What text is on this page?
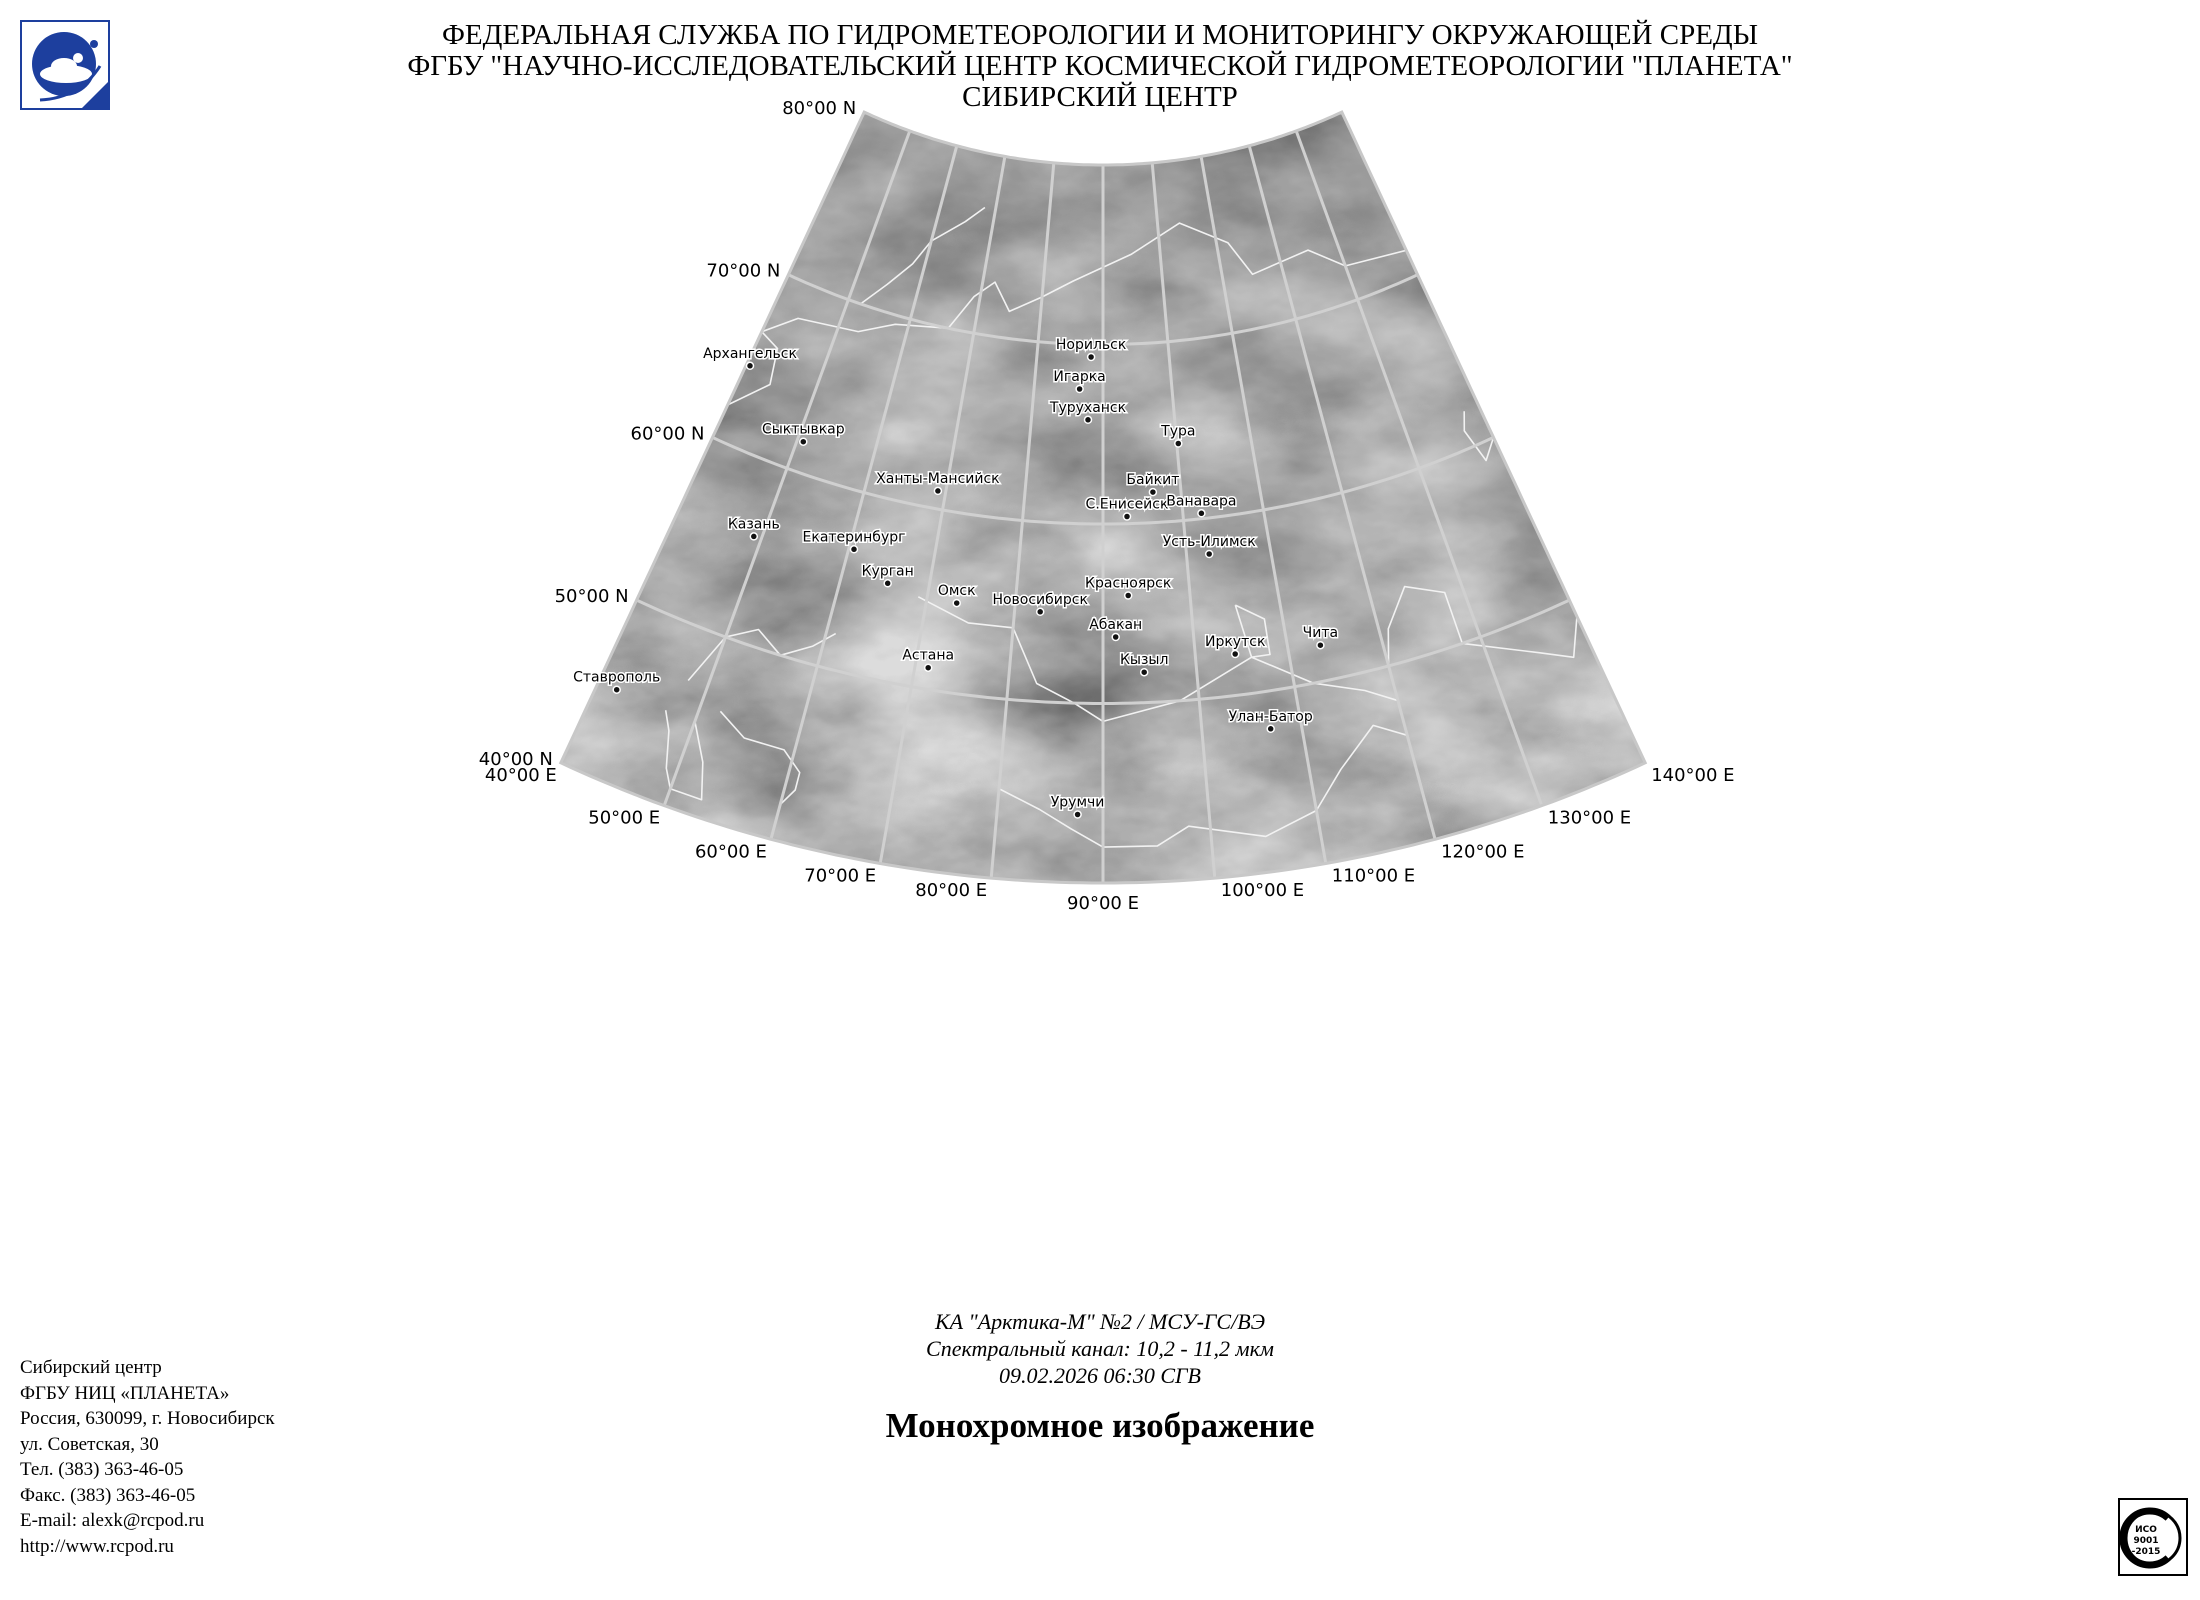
ФЕДЕРАЛЬНАЯ СЛУЖБА ПО ГИДРОМЕТЕОРОЛОГИИ И МОНИТОРИНГУ ОКРУЖАЮЩЕЙ СРЕДЫ
ФГБУ "НАУЧНО-ИССЛЕДОВАТЕЛЬСКИЙ ЦЕНТР КОСМИЧЕСКОЙ ГИДРОМЕТЕОРОЛОГИИ "ПЛАНЕТА"
СИБИРСКИЙ ЦЕНТР
80°00 N
70°00 N
60°00 N
50°00 N
40°00 N
40°00 E
50°00 E
60°00 E
70°00 E
80°00 E
90°00 E
100°00 E
110°00 E
120°00 E
130°00 E
140°00 E
Архангельск
Сыктывкар
Казань
Ставрополь
Екатеринбург
Ханты-Мансийск
Курган
Омск
Астана
Новосибирск
Норильск
Игарка
Туруханск
Тура
Байкит
С.Енисейск
Ванавара
Усть-Илимск
Красноярск
Абакан
Кызыл
Иркутск
Чита
Улан-Батор
Урумчи
КА "Арктика-М" №2 / МСУ-ГС/ВЭ
Спектральный канал: 10,2 - 11,2 мкм
09.02.2026 06:30 СГВ
Монохромное изображение
Сибирский центр
ФГБУ НИЦ «ПЛАНЕТА»
Россия, 630099, г. Новосибирск
ул. Советская, 30
Тел. (383) 363-46-05
Факс. (383) 363-46-05
E-mail: alexk@rcpod.ru
http://www.rcpod.ru
ИСО
9001
-2015
